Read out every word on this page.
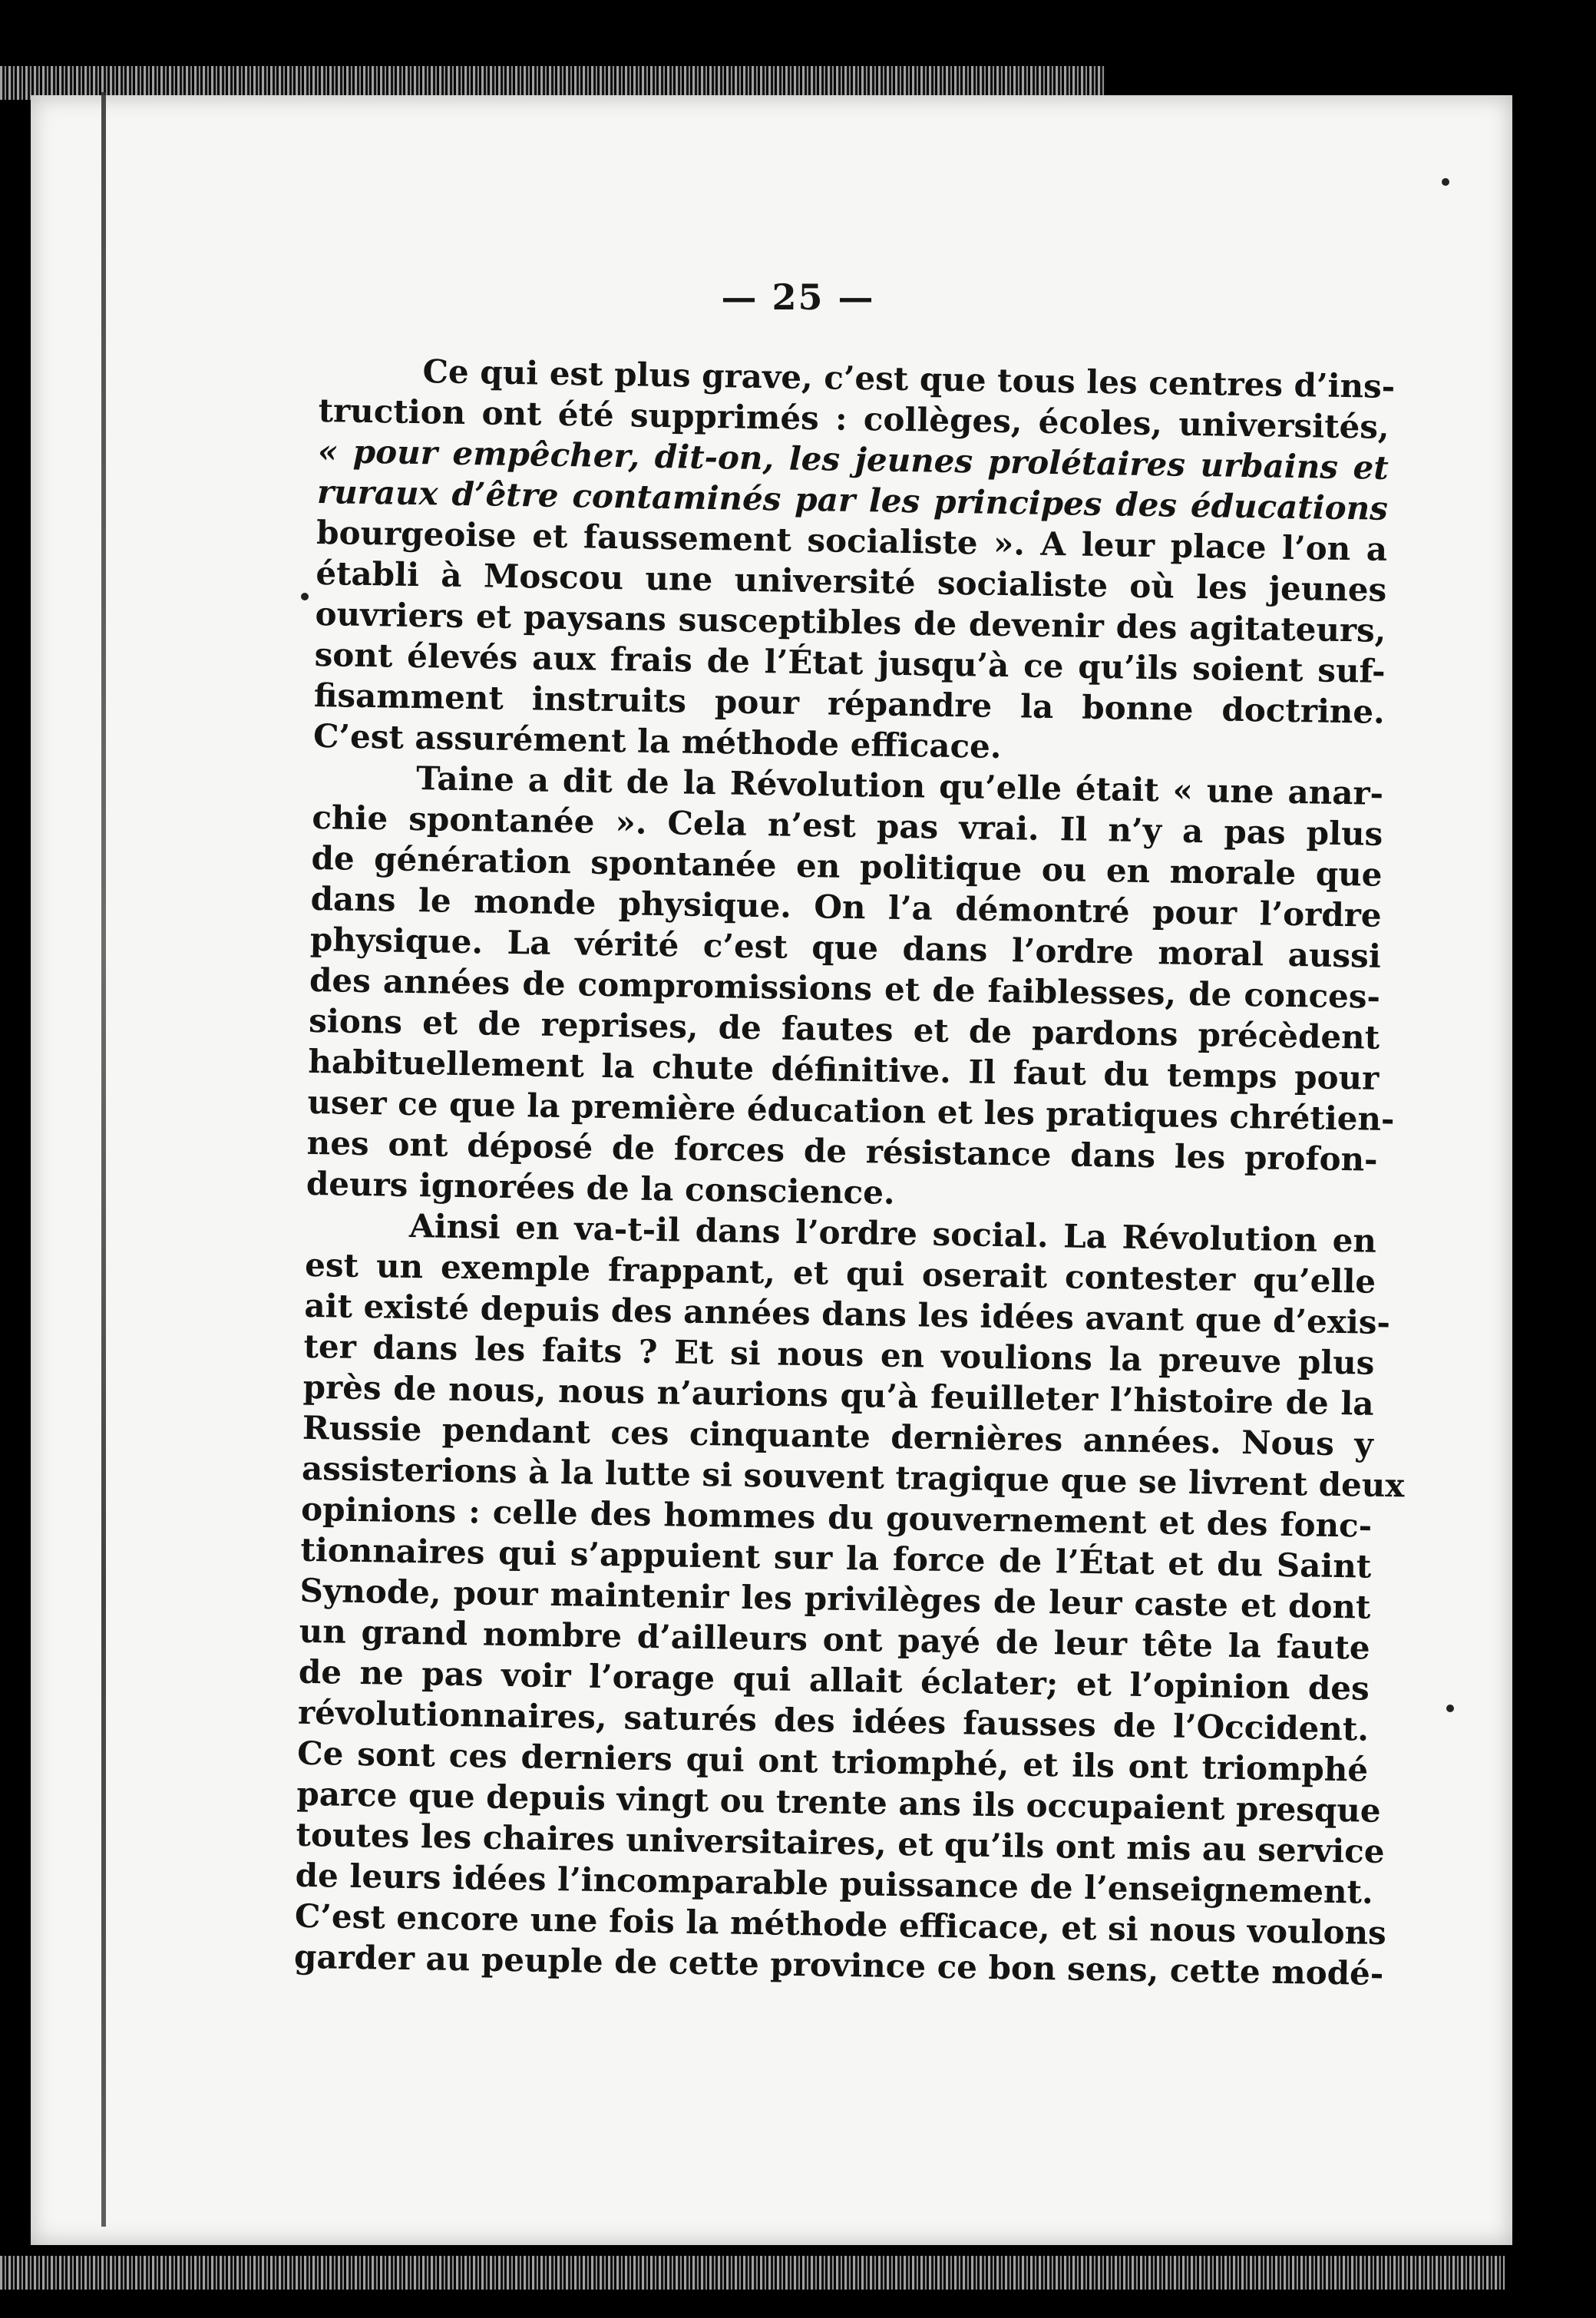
— 25 —
Ce qui est plus grave, c’est que tous les centres d’ins-
truction ont été supprimés : collèges, écoles, universités,
« pour empêcher, dit-on, les jeunes prolétaires urbains et
ruraux d’être contaminés par les principes des éducations
bourgeoise et faussement socialiste ». A leur place l’on a
établi à Moscou une université socialiste où les jeunes
ouvriers et paysans susceptibles de devenir des agitateurs,
sont élevés aux frais de l’État jusqu’à ce qu’ils soient suf-
fisamment instruits pour répandre la bonne doctrine.
C’est assurément la méthode efficace.
Taine a dit de la Révolution qu’elle était « une anar-
chie spontanée ». Cela n’est pas vrai. Il n’y a pas plus
de génération spontanée en politique ou en morale que
dans le monde physique. On l’a démontré pour l’ordre
physique. La vérité c’est que dans l’ordre moral aussi
des années de compromissions et de faiblesses, de conces-
sions et de reprises, de fautes et de pardons précèdent
habituellement la chute définitive. Il faut du temps pour
user ce que la première éducation et les pratiques chrétien-
nes ont déposé de forces de résistance dans les profon-
deurs ignorées de la conscience.
Ainsi en va-t-il dans l’ordre social. La Révolution en
est un exemple frappant, et qui oserait contester qu’elle
ait existé depuis des années dans les idées avant que d’exis-
ter dans les faits ? Et si nous en voulions la preuve plus
près de nous, nous n’aurions qu’à feuilleter l’histoire de la
Russie pendant ces cinquante dernières années. Nous y
assisterions à la lutte si souvent tragique que se livrent deux
opinions : celle des hommes du gouvernement et des fonc-
tionnaires qui s’appuient sur la force de l’État et du Saint
Synode, pour maintenir les privilèges de leur caste et dont
un grand nombre d’ailleurs ont payé de leur tête la faute
de ne pas voir l’orage qui allait éclater; et l’opinion des
révolutionnaires, saturés des idées fausses de l’Occident.
Ce sont ces derniers qui ont triomphé, et ils ont triomphé
parce que depuis vingt ou trente ans ils occupaient presque
toutes les chaires universitaires, et qu’ils ont mis au service
de leurs idées l’incomparable puissance de l’enseignement.
C’est encore une fois la méthode efficace, et si nous voulons
garder au peuple de cette province ce bon sens, cette modé-
